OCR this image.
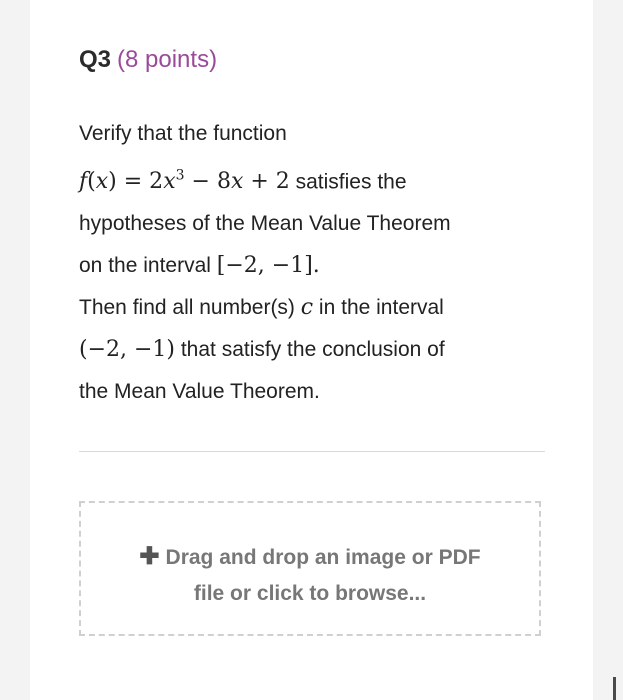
Q3 (8 points)
Verify that the function
$f(x) = 2x^3 - 8x + 2$ satisfies the
hypotheses of the Mean Value Theorem
on the interval [−2, −1].
Then find all number(s) c in the interval
(−2, −1) that satisfy the conclusion of
the Mean Value Theorem.
✚ Drag and drop an image or PDF
file or click to browse...
